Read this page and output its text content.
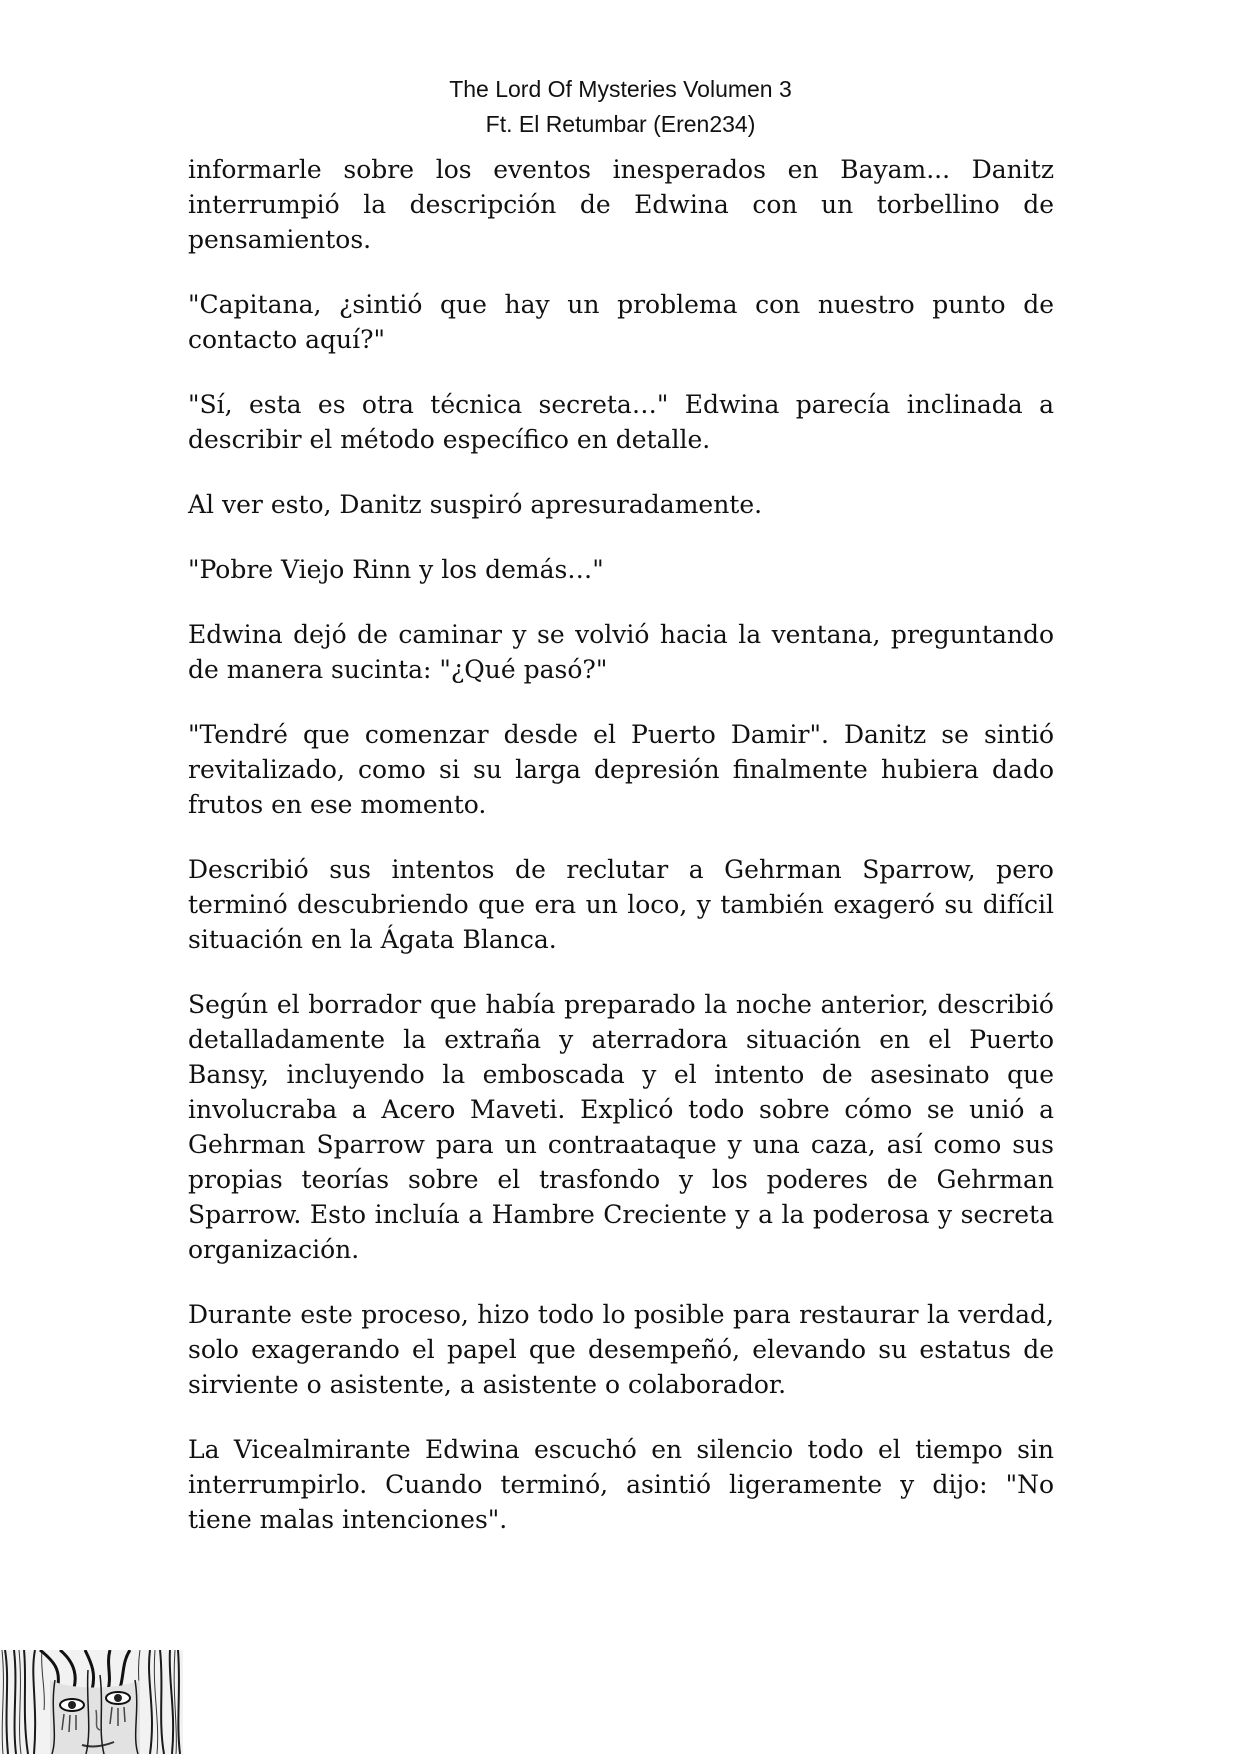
The Lord Of Mysteries Volumen 3
Ft. El Retumbar (Eren234)

informarle sobre los eventos inesperados en Bayam... Danitz interrumpió la descripción de Edwina con un torbellino de pensamientos.

"Capitana, ¿sintió que hay un problema con nuestro punto de contacto aquí?"

"Sí, esta es otra técnica secreta…" Edwina parecía inclinada a describir el método específico en detalle.

Al ver esto, Danitz suspiró apresuradamente.

"Pobre Viejo Rinn y los demás…"

Edwina dejó de caminar y se volvió hacia la ventana, preguntando de manera sucinta: "¿Qué pasó?"

"Tendré que comenzar desde el Puerto Damir". Danitz se sintió revitalizado, como si su larga depresión finalmente hubiera dado frutos en ese momento.

Describió sus intentos de reclutar a Gehrman Sparrow, pero terminó descubriendo que era un loco, y también exageró su difícil situación en la Ágata Blanca.

Según el borrador que había preparado la noche anterior, describió detalladamente la extraña y aterradora situación en el Puerto Bansy, incluyendo la emboscada y el intento de asesinato que involucraba a Acero Maveti. Explicó todo sobre cómo se unió a Gehrman Sparrow para un contraataque y una caza, así como sus propias teorías sobre el trasfondo y los poderes de Gehrman Sparrow. Esto incluía a Hambre Creciente y a la poderosa y secreta organización.

Durante este proceso, hizo todo lo posible para restaurar la verdad, solo exagerando el papel que desempeñó, elevando su estatus de sirviente o asistente, a asistente o colaborador.

La Vicealmirante Edwina escuchó en silencio todo el tiempo sin interrumpirlo. Cuando terminó, asintió ligeramente y dijo: "No tiene malas intenciones".
